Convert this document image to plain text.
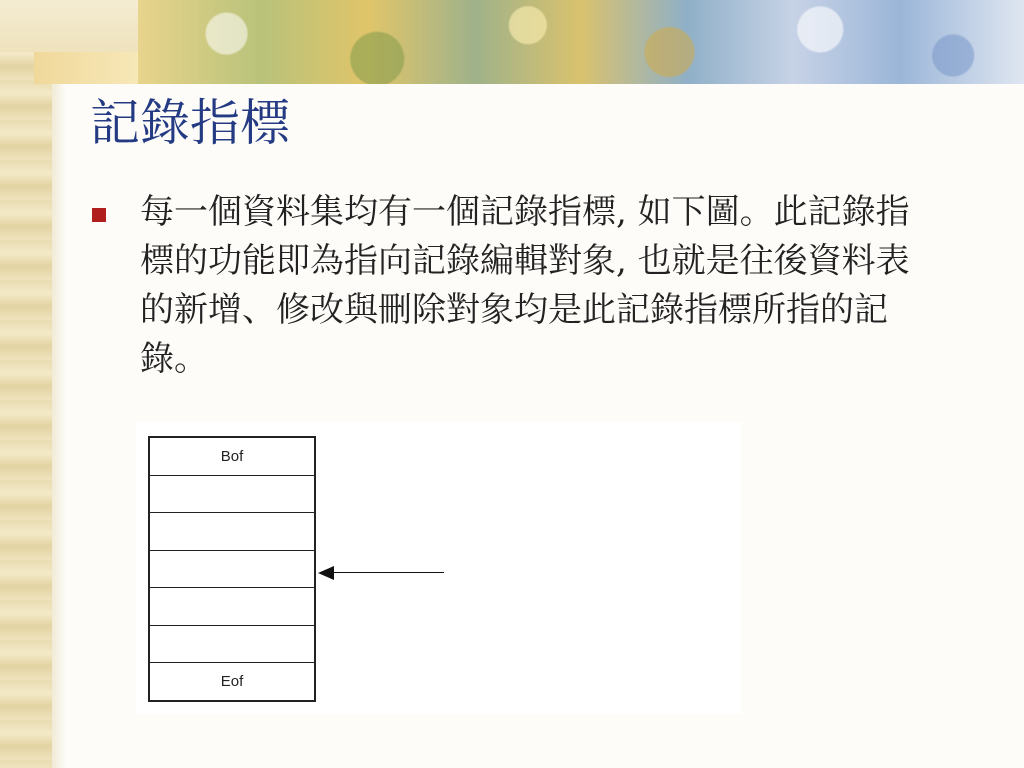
記錄指標

每一個資料集均有一個記錄指標, 如下圖。此記錄指標的功能即為指向記錄編輯對象, 也就是往後資料表的新增、修改與刪除對象均是此記錄指標所指的記錄。

Bof
Eof
